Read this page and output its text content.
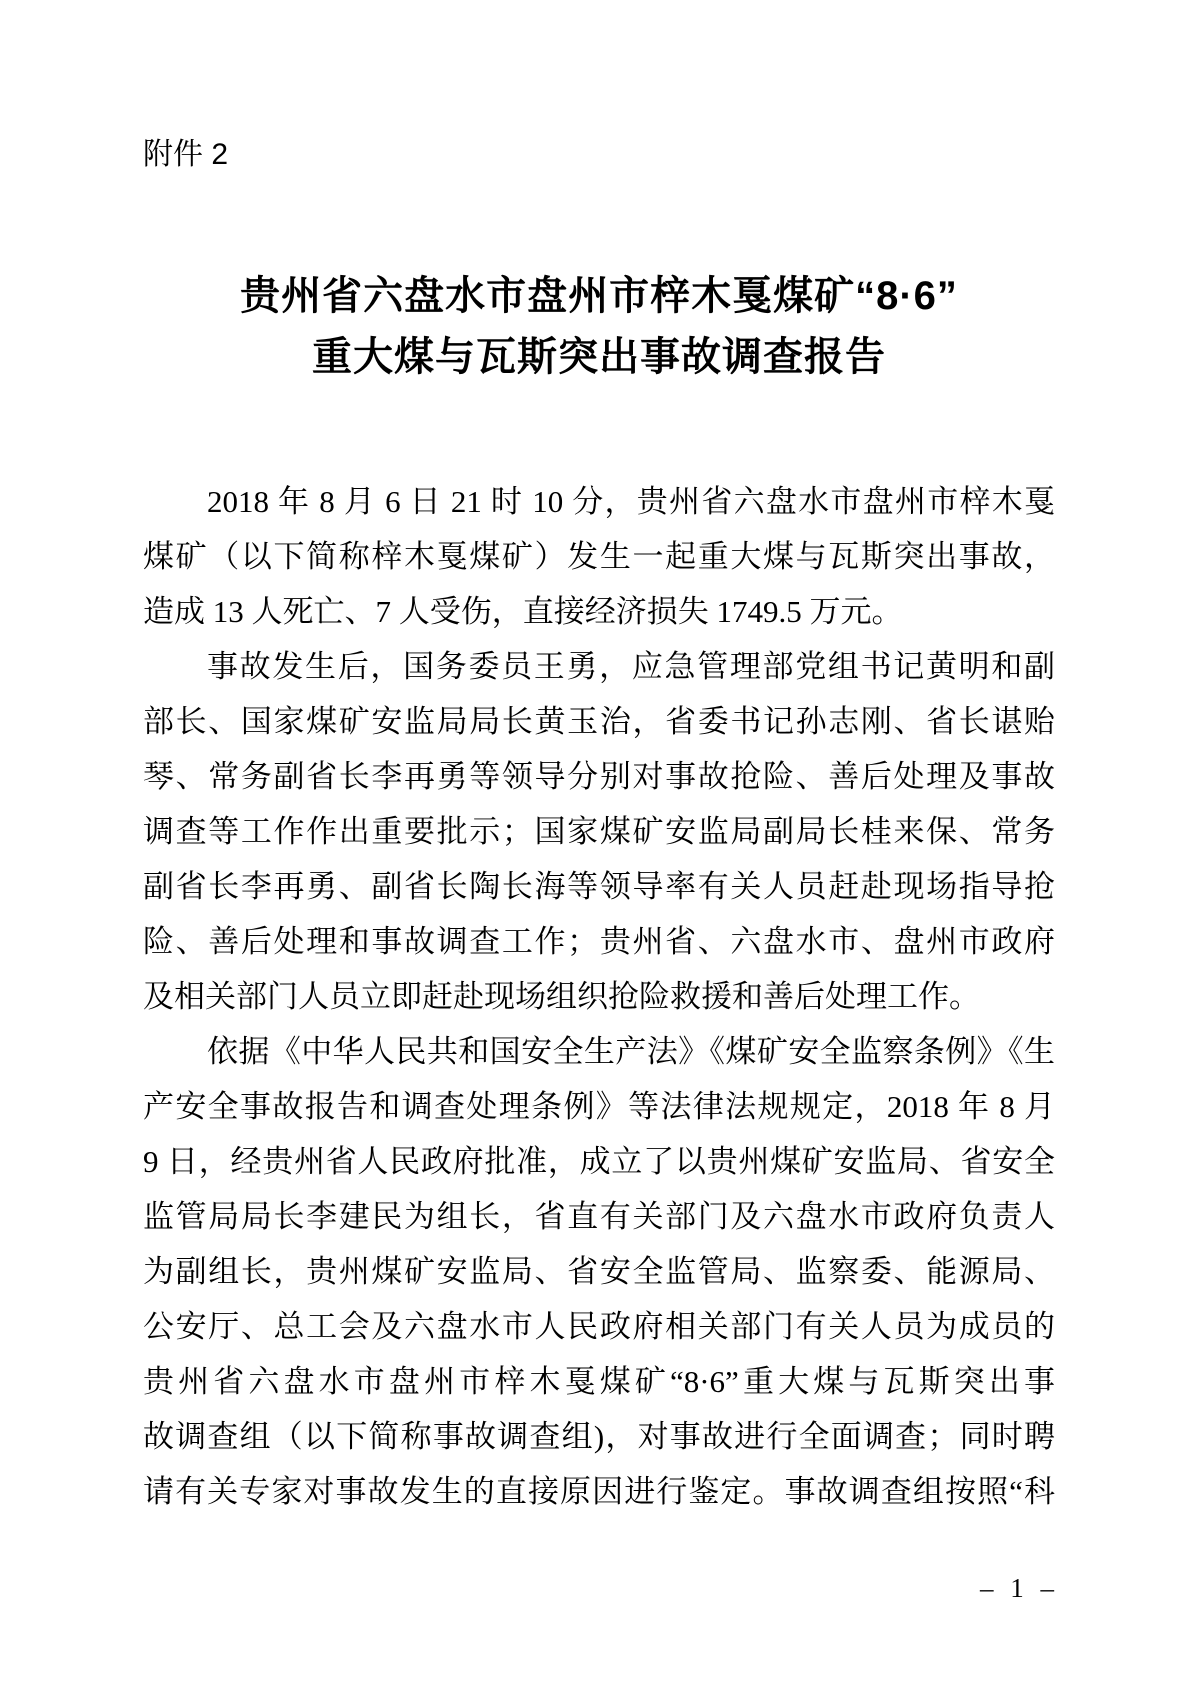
附件 2
贵州省六盘水市盘州市梓木戛煤矿“8·6”
重大煤与瓦斯突出事故调查报告
2018 年 8 月 6 日 21 时 10 分，贵州省六盘水市盘州市梓木戛
煤矿（以下简称梓木戛煤矿）发生一起重大煤与瓦斯突出事故，
造成 13 人死亡、7 人受伤，直接经济损失 1749.5 万元。
事故发生后，国务委员王勇，应急管理部党组书记黄明和副
部长、国家煤矿安监局局长黄玉治，省委书记孙志刚、省长谌贻
琴、常务副省长李再勇等领导分别对事故抢险、善后处理及事故
调查等工作作出重要批示；国家煤矿安监局副局长桂来保、常务
副省长李再勇、副省长陶长海等领导率有关人员赶赴现场指导抢
险、善后处理和事故调查工作；贵州省、六盘水市、盘州市政府
及相关部门人员立即赶赴现场组织抢险救援和善后处理工作。
依据《中华人民共和国安全生产法》《煤矿安全监察条例》《生
产安全事故报告和调查处理条例》等法律法规规定，2018 年 8 月
9 日，经贵州省人民政府批准，成立了以贵州煤矿安监局、省安全
监管局局长李建民为组长，省直有关部门及六盘水市政府负责人
为副组长，贵州煤矿安监局、省安全监管局、监察委、能源局、
公安厅、总工会及六盘水市人民政府相关部门有关人员为成员的
贵州省六盘水市盘州市梓木戛煤矿“8·6”重大煤与瓦斯突出事
故调查组（以下简称事故调查组)，对事故进行全面调查；同时聘
请有关专家对事故发生的直接原因进行鉴定。事故调查组按照“科
– 1 –
